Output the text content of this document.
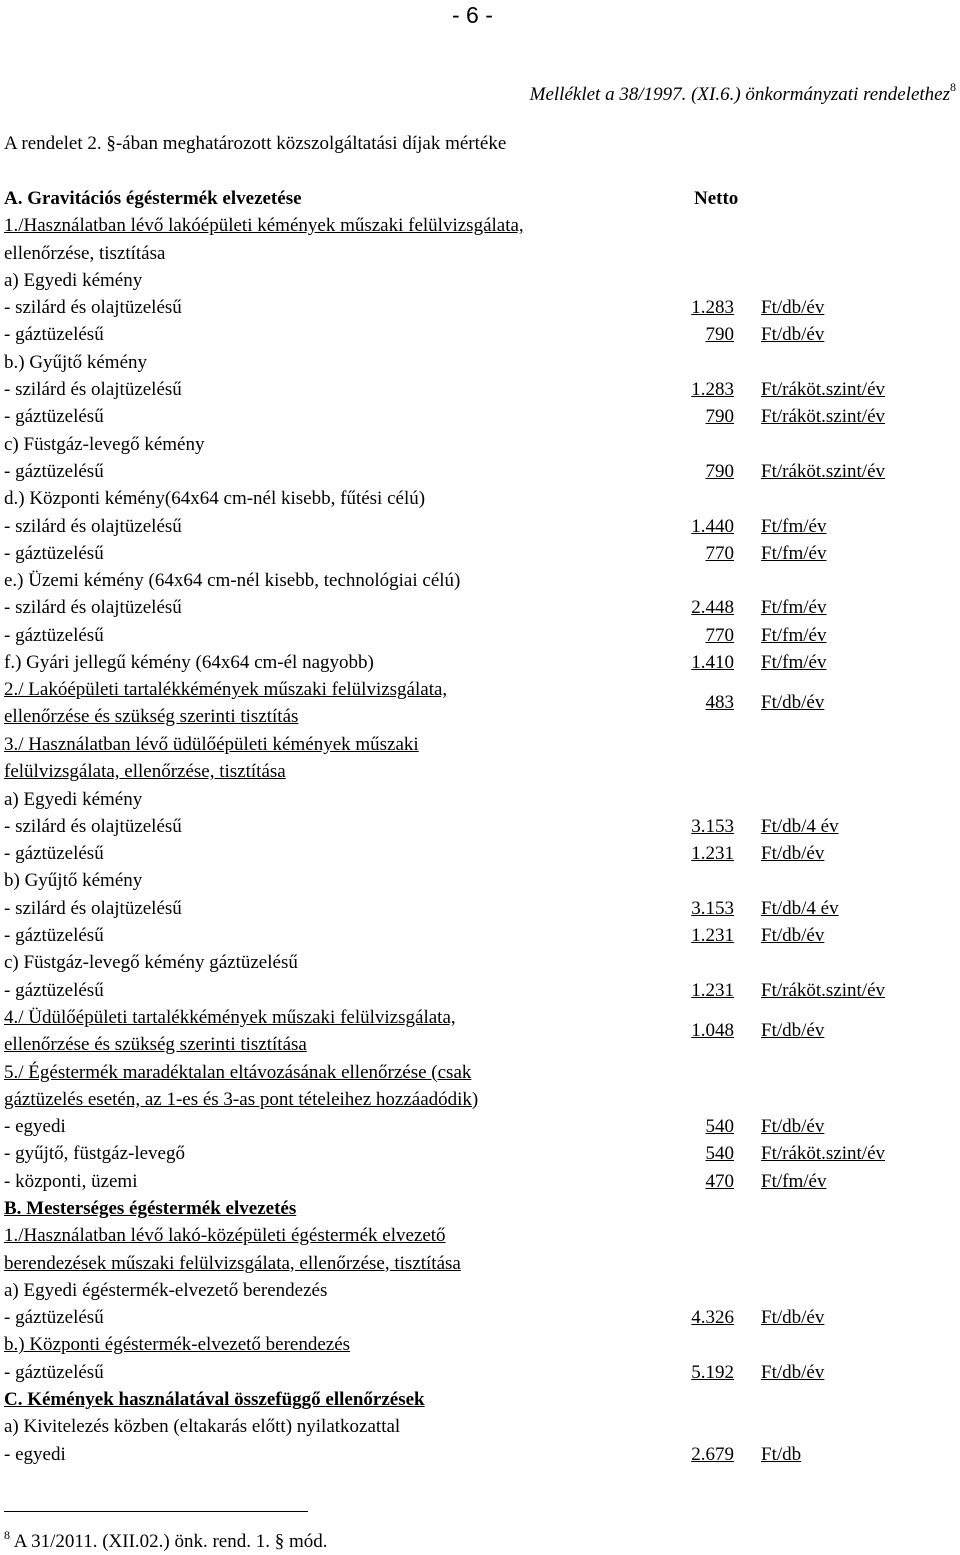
- 6 -
Melléklet a 38/1997. (XI.6.) önkormányzati rendelethez$^8$
A rendelet 2. §-ában meghatározott közszolgáltatási díjak mértéke
A. Gravitációs égéstermék elvezetése	Netto
1./Használatban lévő lakóépületi kémények műszaki felülvizsgálata,
ellenőrzése, tisztítása
a) Egyedi kémény
- szilárd és olajtüzelésű	1.283 Ft/db/év
- gáztüzelésű	790 Ft/db/év
b.) Gyűjtő kémény
- szilárd és olajtüzelésű	1.283 Ft/ráköt.szint/év
- gáztüzelésű	790 Ft/ráköt.szint/év
c) Füstgáz-levegő kémény
- gáztüzelésű	790 Ft/ráköt.szint/év
d.) Központi kémény(64x64 cm-nél kisebb, fűtési célú)
- szilárd és olajtüzelésű	1.440 Ft/fm/év
- gáztüzelésű	770 Ft/fm/év
e.) Üzemi kémény (64x64 cm-nél kisebb, technológiai célú)
- szilárd és olajtüzelésű	2.448 Ft/fm/év
- gáztüzelésű	770 Ft/fm/év
f.) Gyári jellegű kémény (64x64 cm-él nagyobb)	1.410 Ft/fm/év
2./ Lakóépületi tartalékkémények műszaki felülvizsgálata,
ellenőrzése és szükség szerinti tisztítás
483 Ft/db/év
3./ Használatban lévő üdülőépületi kémények műszaki
felülvizsgálata, ellenőrzése, tisztítása
a) Egyedi kémény
- szilárd és olajtüzelésű	3.153 Ft/db/4 év
- gáztüzelésű	1.231 Ft/db/év
b) Gyűjtő kémény
- szilárd és olajtüzelésű	3.153 Ft/db/4 év
- gáztüzelésű	1.231 Ft/db/év
c) Füstgáz-levegő kémény gáztüzelésű
- gáztüzelésű	1.231 Ft/ráköt.szint/év
4./ Üdülőépületi tartalékkémények műszaki felülvizsgálata,
ellenőrzése és szükség szerinti tisztítása
1.048 Ft/db/év
5./ Égéstermék maradéktalan eltávozásának ellenőrzése (csak
gáztüzelés esetén, az 1-es és 3-as pont tételeihez hozzáadódik)
- egyedi	540 Ft/db/év
- gyűjtő, füstgáz-levegő	540 Ft/ráköt.szint/év
- központi, üzemi	470 Ft/fm/év
B. Mesterséges égéstermék elvezetés
1./Használatban lévő lakó-középületi égéstermék elvezető
berendezések műszaki felülvizsgálata, ellenőrzése, tisztítása
a) Egyedi égéstermék-elvezető berendezés
- gáztüzelésű	4.326 Ft/db/év
b.) Központi égéstermék-elvezető berendezés
- gáztüzelésű	5.192 Ft/db/év
C. Kémények használatával összefüggő ellenőrzések
a) Kivitelezés közben (eltakarás előtt) nyilatkozattal
- egyedi	2.679 Ft/db
$^8$ A 31/2011. (XII.02.) önk. rend. 1. § mód.
